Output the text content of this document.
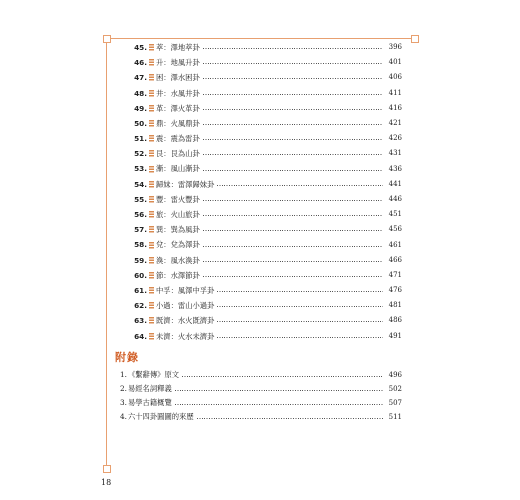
45. 萃：澤地萃卦	396
46. 升：地風升卦	401
47. 困：澤水困卦	406
48. 井：水風井卦	411
49. 革：澤火革卦	416
50. 鼎：火風鼎卦	421
51. 震：震為雷卦	426
52. 艮：艮為山卦	431
53. 漸：風山漸卦	436
54. 歸妹：雷澤歸妹卦	441
55. 豐：雷火豐卦	446
56. 旅：火山旅卦	451
57. 巽：巽為風卦	456
58. 兌：兌為澤卦	461
59. 渙：風水渙卦	466
60. 節：水澤節卦	471
61. 中孚：風澤中孚卦	476
62. 小過：雷山小過卦	481
63. 既濟：水火既濟卦	486
64. 未濟：火水未濟卦	491
附錄
1. 《繫辭傳》原文	496
2. 易經名詞釋義	502
3. 易學古籍概覽	507
4. 六十四卦圓圖的來歷	511
18
